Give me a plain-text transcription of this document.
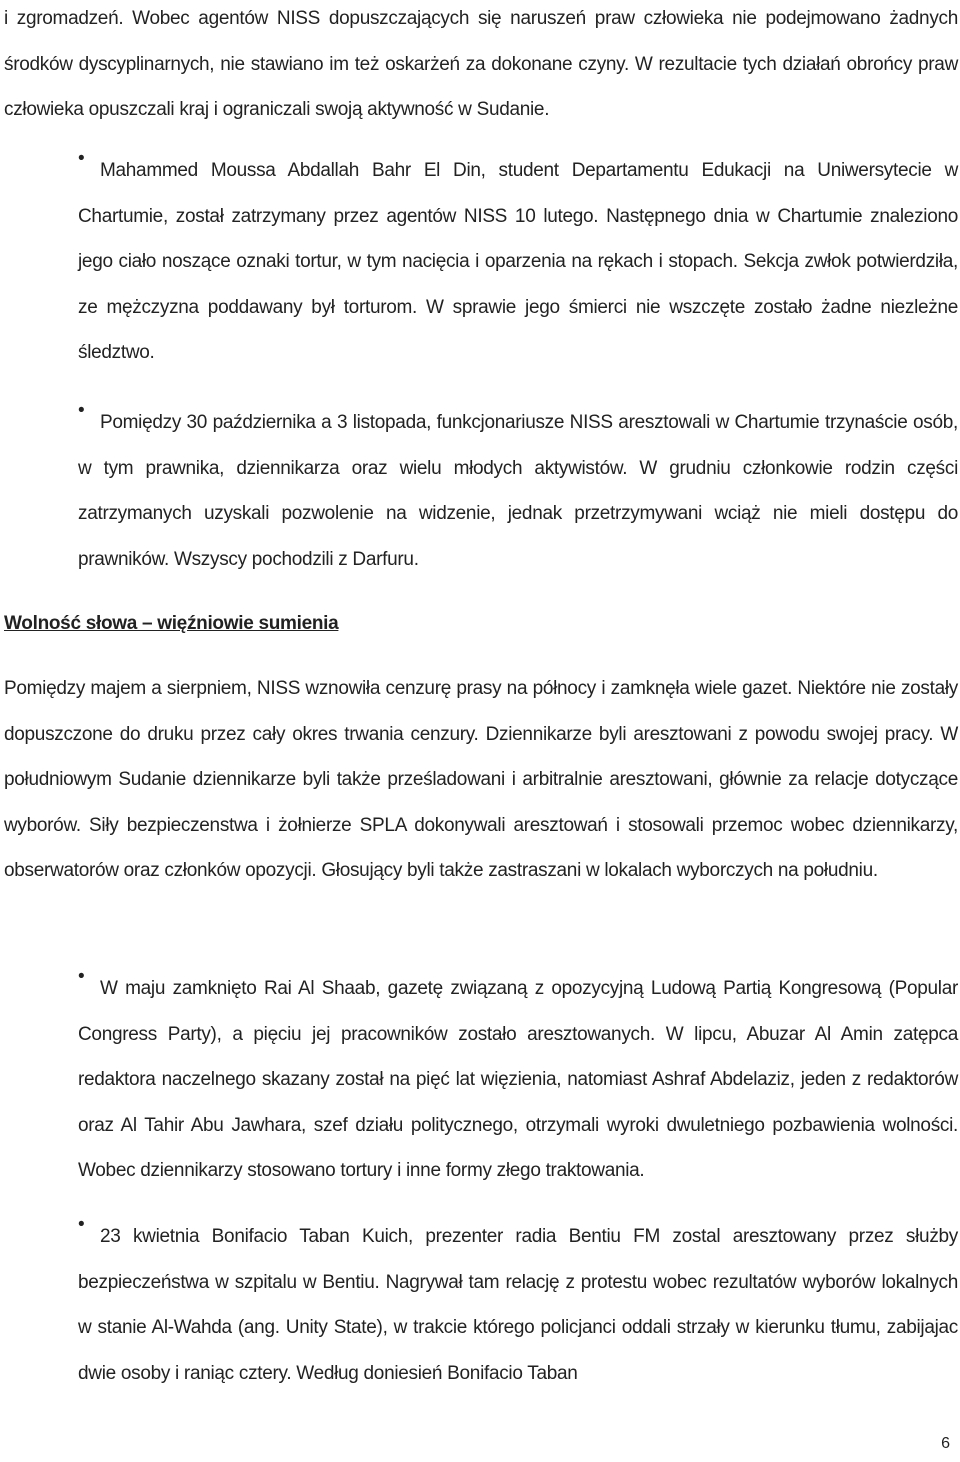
i zgromadzeń. Wobec agentów NISS dopuszczających się naruszeń praw człowieka nie podejmowano żadnych środków dyscyplinarnych, nie stawiano im też oskarżeń za dokonane czyny. W rezultacie tych działań obrońcy praw człowieka opuszczali kraj i ograniczali swoją aktywność w Sudanie.

Mahammed Moussa Abdallah Bahr El Din, student Departamentu Edukacji na Uniwersytecie w Chartumie, został zatrzymany przez agentów NISS 10 lutego. Następnego dnia w Chartumie znaleziono jego ciało noszące oznaki tortur, w tym nacięcia i oparzenia na rękach i stopach. Sekcja zwłok potwierdziła, ze mężczyzna poddawany był torturom. W sprawie jego śmierci nie wszczęte zostało żadne niezleżne śledztwo.

•

Pomiędzy 30 października a 3 listopada, funkcjonariusze NISS aresztowali w Chartumie trzynaście osób, w tym prawnika, dziennikarza oraz wielu młodych aktywistów. W grudniu członkowie rodzin części zatrzymanych uzyskali pozwolenie na widzenie, jednak przetrzymywani wciąż nie mieli dostępu do prawników. Wszyscy pochodzili z Darfuru.

•

Wolność słowa – więźniowie sumienia

Pomiędzy majem a sierpniem, NISS wznowiła cenzurę prasy na północy i zamknęła wiele gazet. Niektóre nie zostały dopuszczone do druku przez cały okres trwania cenzury. Dziennikarze byli aresztowani z powodu swojej pracy. W południowym Sudanie dziennikarze byli także prześladowani i arbitralnie aresztowani, głównie za relacje dotyczące wyborów. Siły bezpieczenstwa i żołnierze SPLA dokonywali aresztowań i stosowali przemoc wobec dziennikarzy, obserwatorów oraz członków opozycji. Głosujący byli także zastraszani w lokalach wyborczych na południu.

W maju zamknięto Rai Al Shaab, gazetę związaną z opozycyjną Ludową Partią Kongresową (Popular Congress Party), a pięciu jej pracowników zostało aresztowanych. W lipcu, Abuzar Al Amin zatępca redaktora naczelnego skazany został na pięć lat więzienia, natomiast Ashraf Abdelaziz, jeden z redaktorów oraz Al Tahir Abu Jawhara, szef działu politycznego, otrzymali wyroki dwuletniego pozbawienia wolności. Wobec dziennikarzy stosowano tortury i inne formy złego traktowania.

•

23 kwietnia Bonifacio Taban Kuich, prezenter radia Bentiu FM zostal aresztowany przez służby bezpieczeństwa w szpitalu w Bentiu. Nagrywał tam relację z protestu wobec rezultatów wyborów lokalnych w stanie Al-Wahda (ang. Unity State), w trakcie którego policjanci oddali strzały w kierunku tłumu, zabijajac dwie osoby i raniąc cztery. Według doniesień Bonifacio Taban

•
6
